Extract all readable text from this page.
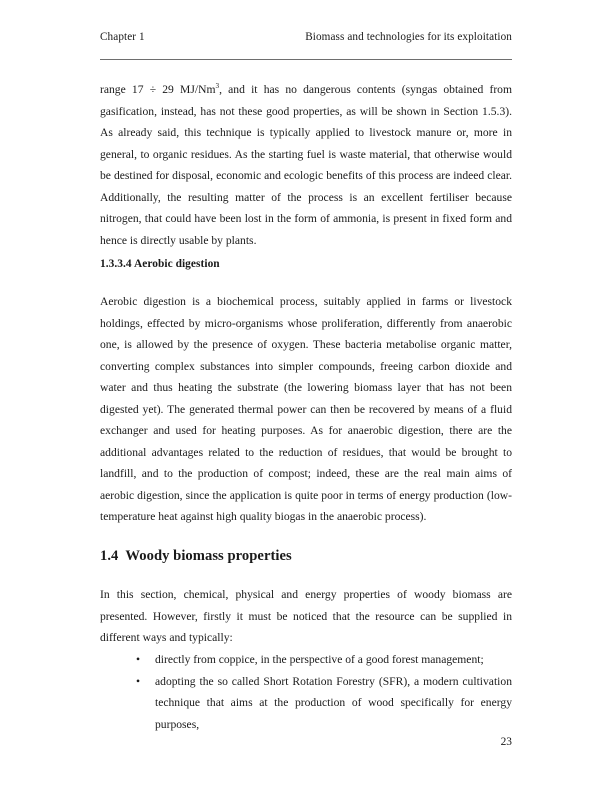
Chapter 1	Biomass and technologies for its exploitation

range 17 ÷ 29 MJ/Nm$^3$, and it has no dangerous contents (syngas obtained from gasification, instead, has not these good properties, as will be shown in Section 1.5.3). As already said, this technique is typically applied to livestock manure or, more in general, to organic residues. As the starting fuel is waste material, that otherwise would be destined for disposal, economic and ecologic benefits of this process are indeed clear. Additionally, the resulting matter of the process is an excellent fertiliser because nitrogen, that could have been lost in the form of ammonia, is present in fixed form and hence is directly usable by plants.

1.3.3.4 Aerobic digestion

Aerobic digestion is a biochemical process, suitably applied in farms or livestock holdings, effected by micro-organisms whose proliferation, differently from anaerobic one, is allowed by the presence of oxygen. These bacteria metabolise organic matter, converting complex substances into simpler compounds, freeing carbon dioxide and water and thus heating the substrate (the lowering biomass layer that has not been digested yet). The generated thermal power can then be recovered by means of a fluid exchanger and used for heating purposes. As for anaerobic digestion, there are the additional advantages related to the reduction of residues, that would be brought to landfill, and to the production of compost; indeed, these are the real main aims of aerobic digestion, since the application is quite poor in terms of energy production (low-temperature heat against high quality biogas in the anaerobic process).

1.4 Woody biomass properties

In this section, chemical, physical and energy properties of woody biomass are presented. However, firstly it must be noticed that the resource can be supplied in different ways and typically:

• directly from coppice, in the perspective of a good forest management;
• adopting the so called Short Rotation Forestry (SFR), a modern cultivation technique that aims at the production of wood specifically for energy purposes,
23
